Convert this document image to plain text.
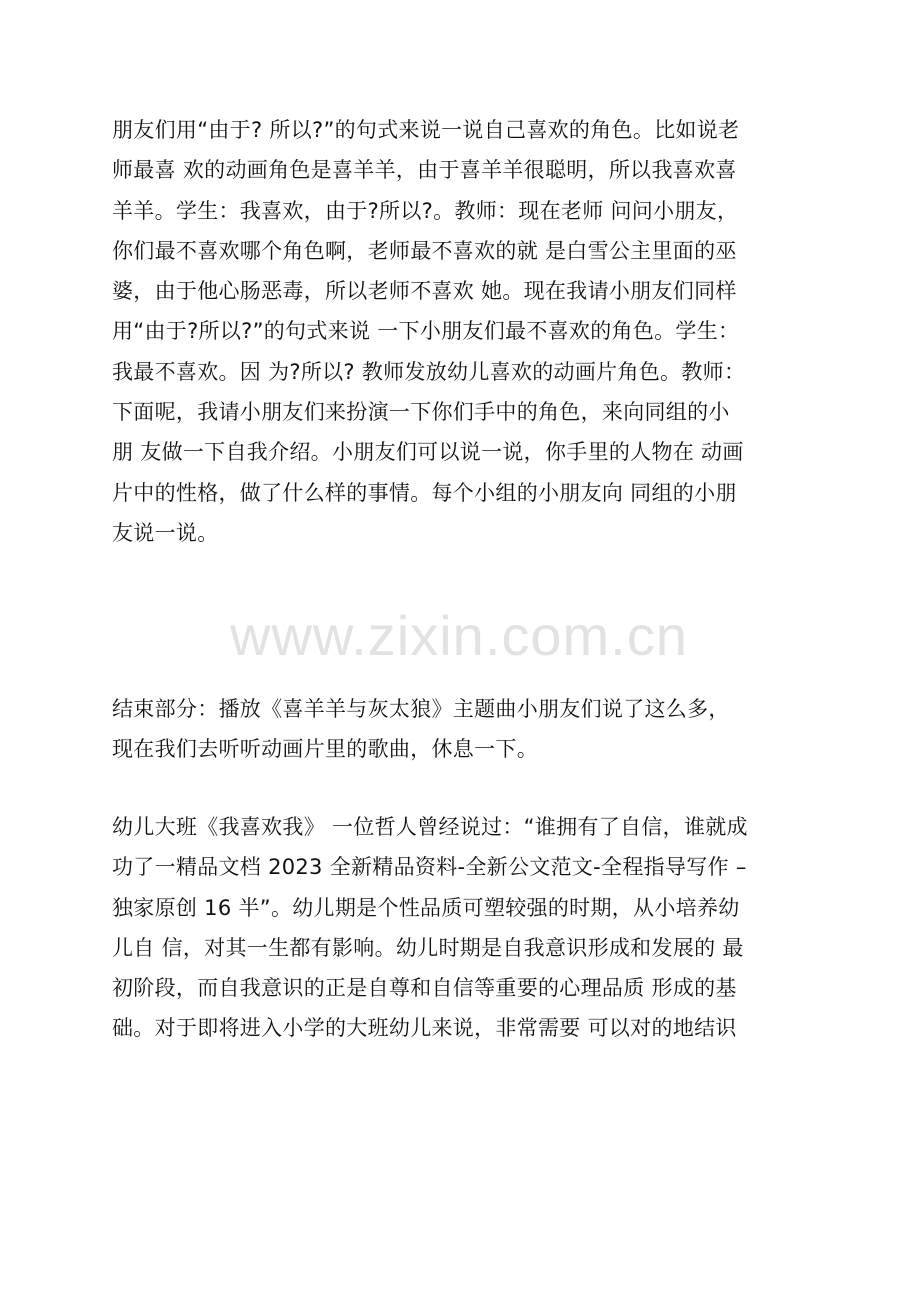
朋友们用“由于? 所以?”的句式来说一说自己喜欢的角色。比如说老
师最喜 欢的动画角色是喜羊羊，由于喜羊羊很聪明，所以我喜欢喜
羊羊。学生：我喜欢，由于?所以?。教师：现在老师 问问小朋友，
你们最不喜欢哪个角色啊，老师最不喜欢的就 是白雪公主里面的巫
婆，由于他心肠恶毒，所以老师不喜欢 她。现在我请小朋友们同样
用“由于?所以?”的句式来说 一下小朋友们最不喜欢的角色。学生：
我最不喜欢。因 为?所以? 教师发放幼儿喜欢的动画片角色。教师：
下面呢，我请小朋友们来扮演一下你们手中的角色，来向同组的小
朋 友做一下自我介绍。小朋友们可以说一说，你手里的人物在 动画
片中的性格，做了什么样的事情。每个小组的小朋友向 同组的小朋
友说一说。
www.zixin.com.cn
结束部分：播放《喜羊羊与灰太狼》主题曲小朋友们说了这么多，
现在我们去听听动画片里的歌曲，休息一下。
幼儿大班《我喜欢我》 一位哲人曾经说过：“谁拥有了自信，谁就成
功了一精品文档 2023 全新精品资料-全新公文范文-全程指导写作 –
独家原创 16 半”。幼儿期是个性品质可塑较强的时期，从小培养幼
儿自 信，对其一生都有影响。幼儿时期是自我意识形成和发展的 最
初阶段，而自我意识的正是自尊和自信等重要的心理品质 形成的基
础。对于即将进入小学的大班幼儿来说，非常需要 可以对的地结识
